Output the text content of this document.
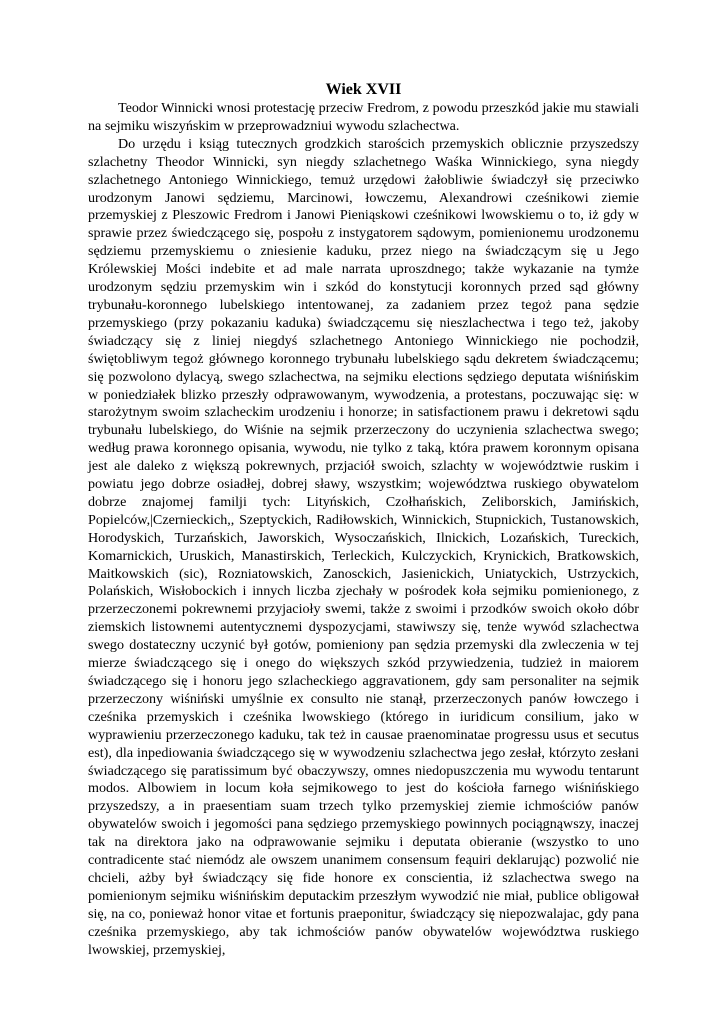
Wiek XVII

Teodor Winnicki wnosi protestację przeciw Fredrom, z powodu przeszkód jakie mu stawiali na sejmiku wiszyńskim w przeprowadzniui wywodu szlachectwa.

Do urzędu i ksiąg tutecznych grodzkich starościch przemyskich oblicznie przyszedszy szlachetny Theodor Winnicki, syn niegdy szlachetnego Waśka Winnickiego, syna niegdy szlachetnego Antoniego Winnickiego, temuż urzędowi żałobliwie świadczył się przeciwko urodzonym Janowi sędziemu, Marcinowi, łowczemu, Alexandrowi cześnikowi ziemie przemyskiej z Pleszowic Fredrom i Janowi Pieniąskowi cześnikowi lwowskiemu o to, iż gdy w sprawie przez świedczącego się, pospołu z instygatorem sądowym, pomienionemu urodzonemu sędziemu przemyskiemu o zniesienie kaduku, przez niego na świadczącym się u Jego Królewskiej Mości indebite et ad male narrata uproszdnego; także wykazanie na tymże urodzonym sędziu przemyskim win i szkód do konstytucji koronnych przed sąd główny trybunału-koronnego lubelskiego intentowanej, za zadaniem przez tegoż pana sędzie przemyskiego (przy pokazaniu kaduka) świadczącemu się nieszlachectwa i tego też, jakoby świadczący się z liniej niegdyś szlachetnego Antoniego Winnickiego nie pochodził, świętobliwym tegoż głównego koronnego trybunału lubelskiego sądu dekretem świadczącemu; się pozwolono dylacyą, swego szlachectwa, na sejmiku elections sędziego deputata wiśnińskim w poniedziałek blizko przeszły odprawowanym, wywodzenia, a protestans, poczuwając się: w starożytnym swoim szlacheckim urodzeniu i honorze; in satisfactionem prawu i dekretowi sądu trybunału lubelskiego, do Wiśnie na sejmik przerzeczony do uczynienia szlachectwa swego; według prawa koronnego opisania, wywodu, nie tylko z taką, która prawem koronnym opisana jest ale daleko z większą pokrewnych, przjaciół swoich, szlachty w województwie ruskim i powiatu jego dobrze osiadłej, dobrej sławy, wszystkim; województwa ruskiego obywatelom dobrze znajomej familji tych: Lityńskich, Czołhańskich, Zeliborskich, Jamińskich, Popielców,|Czernieckich,, Szeptyckich, Radiłowskich, Winnickich, Stupnickich, Tustanowskich, Horodyskich, Turzańskich, Jaworskich, Wysoczańskich, Ilnickich, Lozańskich, Tureckich, Komarnickich, Uruskich, Manastirskich, Terleckich, Kulczyckich, Krynickich, Bratkowskich, Maitkowskich (sic), Rozniatowskich, Zanosckich, Jasienickich, Uniatyckich, Ustrzyckich, Polańskich, Wisłobockich i innych liczba zjechały w pośrodek koła sejmiku pomienionego, z przerzeczonemi pokrewnemi przyjacioły swemi, także z swoimi i przodków swoich około dóbr ziemskich listownemi autentycznemi dyspozycjami, stawiwszy się, tenże wywód szlachectwa swego dostateczny uczynić był gotów, pomieniony pan sędzia przemyski dla zwleczenia w tej mierze świadczącego się i onego do większych szkód przywiedzenia, tudzież in maiorem świadczącego się i honoru jego szlacheckiego aggravationem, gdy sam personaliter na sejmik przerzeczony wiśniński umyślnie ex consulto nie stanął, przerzeczonych panów łowczego i cześnika przemyskich i cześnika lwowskiego (którego in iuridicum consilium, jako w wyprawieniu przerzeczonego kaduku, tak też in causae praenominatae progressu usus et secutus est), dla inpediowania świadczącego się w wywodzeniu szlachectwa jego zesłał, którzyto zesłani świadczącego się paratissimum być obaczywszy, omnes niedopuszczenia mu wywodu tentarunt modos. Albowiem in locum koła sejmikowego to jest do kościoła farnego wiśnińskiego przyszedszy, a in praesentiam suam trzech tylko przemyskiej ziemie ichmościów panów obywatelów swoich i jegomości pana sędziego przemyskiego powinnych pociągnąwszy, inaczej tak na direktora jako na odprawowanie sejmiku i deputata obieranie (wszystko to uno contradicente stać niemódz ale owszem unanimem consensum feąuiri deklarując) pozwolić nie chcieli, ażby był świadczący się fide honore ex conscientia, iż szlachectwa swego na pomienionym sejmiku wiśnińskim deputackim przeszłym wywodzić nie miał, publice obligował się, na co, ponieważ honor vitae et fortunis praeponitur, świadczący się niepozwalajac, gdy pana cześnika przemyskiego, aby tak ichmościów panów obywatelów województwa ruskiego lwowskiej, przemyskiej,
